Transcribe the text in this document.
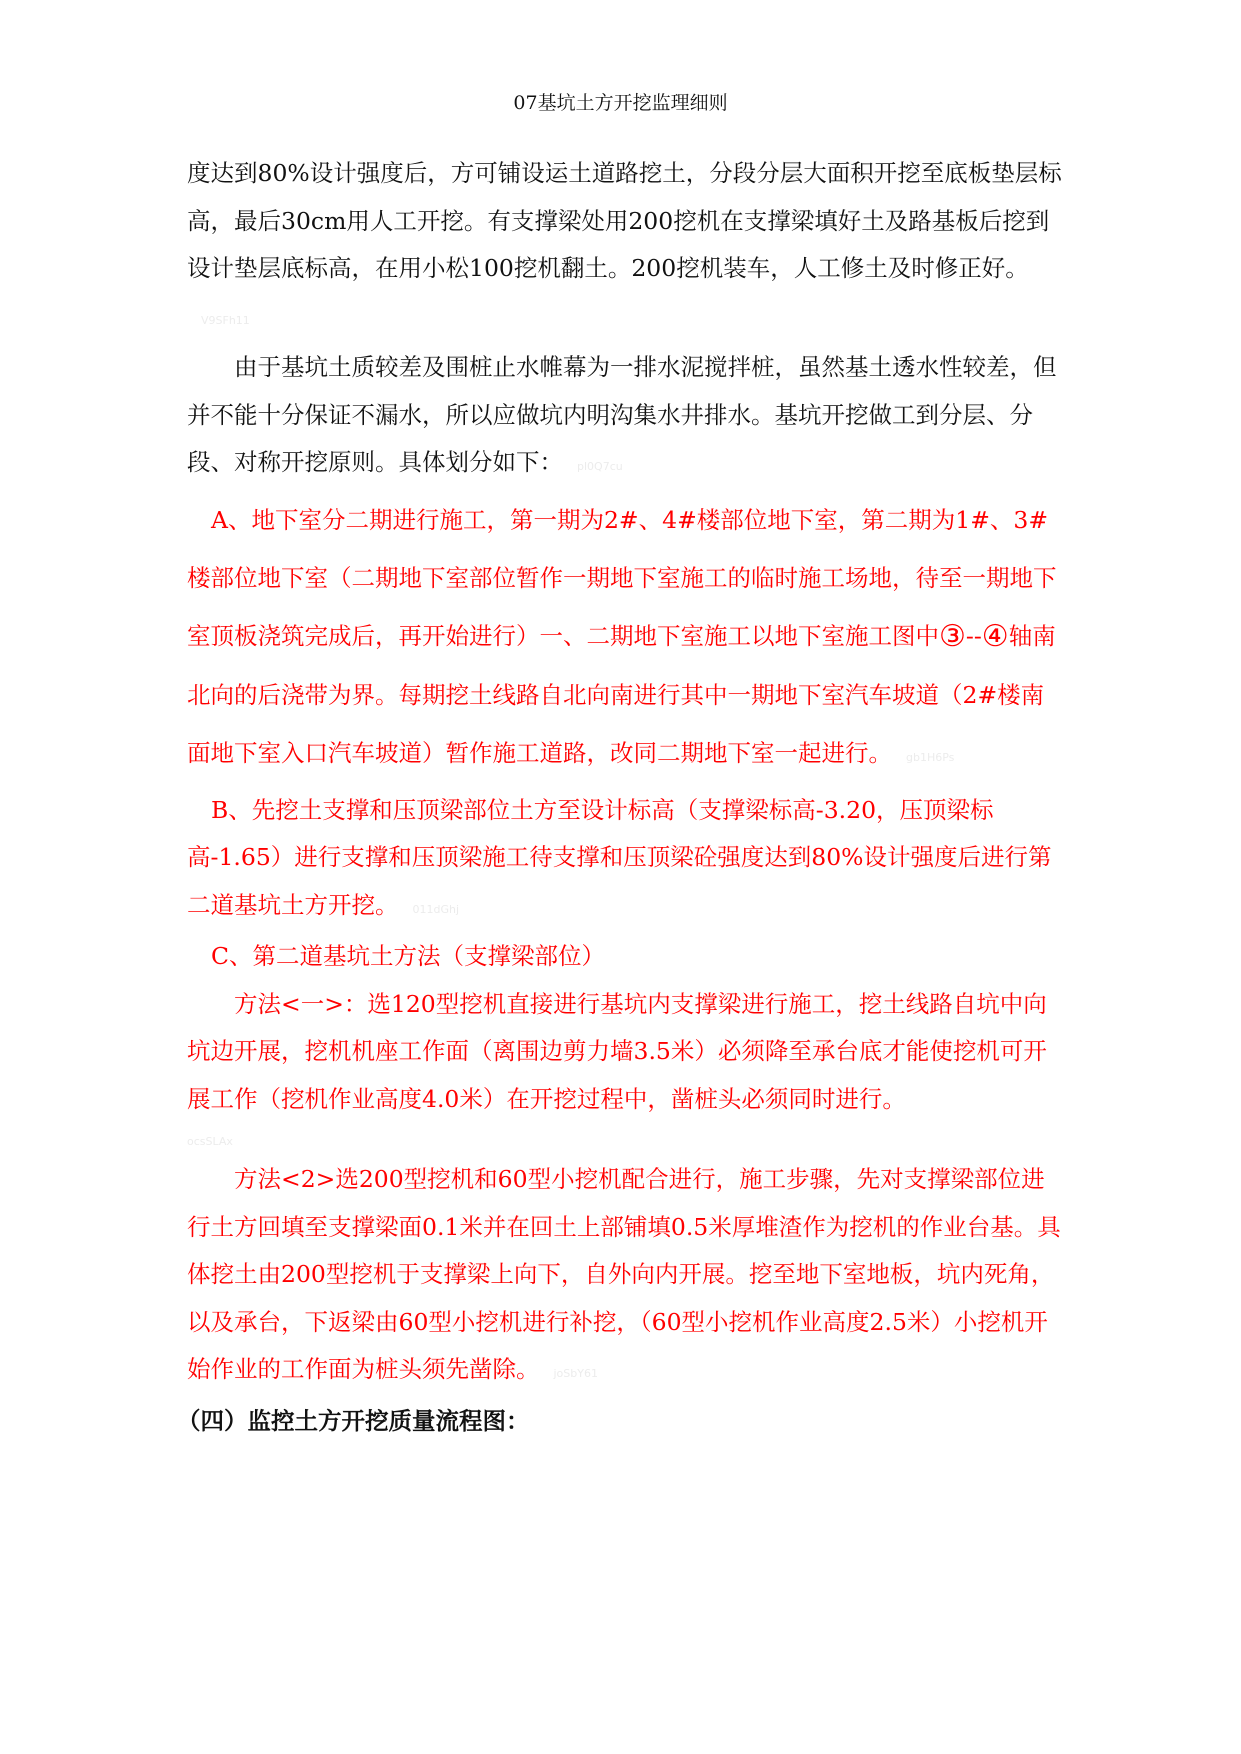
07基坑土方开挖监理细则

度达到80%设计强度后，方可铺设运土道路挖土，分段分层大面积开挖至底板垫层标高，最后30cm用人工开挖。有支撑梁处用200挖机在支撑梁填好土及路基板后挖到设计垫层底标高，在用小松100挖机翻土。200挖机装车，人工修土及时修正好。V9SFh11

由于基坑土质较差及围桩止水帷幕为一排水泥搅拌桩，虽然基土透水性较差，但并不能十分保证不漏水，所以应做坑内明沟集水井排水。基坑开挖做工到分层、分段、对称开挖原则。具体划分如下： pl0Q7cu

A、地下室分二期进行施工，第一期为2#、4#楼部位地下室，第二期为1#、3#楼部位地下室（二期地下室部位暂作一期地下室施工的临时施工场地，待至一期地下室顶板浇筑完成后，再开始进行）一、二期地下室施工以地下室施工图中③--④轴南北向的后浇带为界。每期挖土线路自北向南进行其中一期地下室汽车坡道（2#楼南面地下室入口汽车坡道）暂作施工道路，改同二期地下室一起进行。 gb1H6Ps

B、先挖土支撑和压顶梁部位土方至设计标高（支撑梁标高-3.20，压顶梁标高-1.65）进行支撑和压顶梁施工待支撑和压顶梁砼强度达到80%设计强度后进行第二道基坑土方开挖。 011dGhj

C、第二道基坑土方法（支撑梁部位）

方法<一>：选120型挖机直接进行基坑内支撑梁进行施工，挖土线路自坑中向坑边开展，挖机机座工作面（离围边剪力墙3.5米）必须降至承台底才能使挖机可开展工作（挖机作业高度4.0米）在开挖过程中，凿桩头必须同时进行。

ocsSLAx

方法<2>选200型挖机和60型小挖机配合进行，施工步骤，先对支撑梁部位进行土方回填至支撑梁面0.1米并在回土上部铺填0.5米厚堆渣作为挖机的作业台基。具体挖土由200型挖机于支撑梁上向下，自外向内开展。挖至地下室地板，坑内死角，以及承台，下返梁由60型小挖机进行补挖，（60型小挖机作业高度2.5米）小挖机开始作业的工作面为桩头须先凿除。 joSbY61

（四）监控土方开挖质量流程图：
